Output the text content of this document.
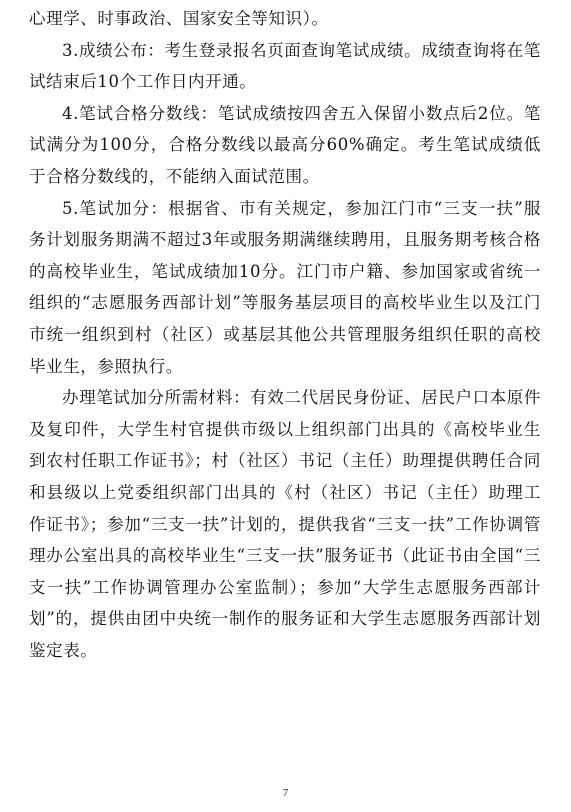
心理学、时事政治、国家安全等知识）。

3.成绩公布：考生登录报名页面查询笔试成绩。成绩查询将在笔试结束后10个工作日内开通。

4.笔试合格分数线：笔试成绩按四舍五入保留小数点后2位。笔试满分为100分，合格分数线以最高分60%确定。考生笔试成绩低于合格分数线的，不能纳入面试范围。

5.笔试加分：根据省、市有关规定，参加江门市“三支一扶”服务计划服务期满不超过3年或服务期满继续聘用，且服务期考核合格的高校毕业生，笔试成绩加10分。江门市户籍、参加国家或省统一组织的“志愿服务西部计划”等服务基层项目的高校毕业生以及江门市统一组织到村（社区）或基层其他公共管理服务组织任职的高校毕业生，参照执行。

办理笔试加分所需材料：有效二代居民身份证、居民户口本原件及复印件，大学生村官提供市级以上组织部门出具的《高校毕业生到农村任职工作证书》；村（社区）书记（主任）助理提供聘任合同和县级以上党委组织部门出具的《村（社区）书记（主任）助理工作证书》；参加“三支一扶”计划的，提供我省“三支一扶”工作协调管理办公室出具的高校毕业生“三支一扶”服务证书（此证书由全国“三支一扶”工作协调管理办公室监制）；参加“大学生志愿服务西部计划”的，提供由团中央统一制作的服务证和大学生志愿服务西部计划鉴定表。

7
